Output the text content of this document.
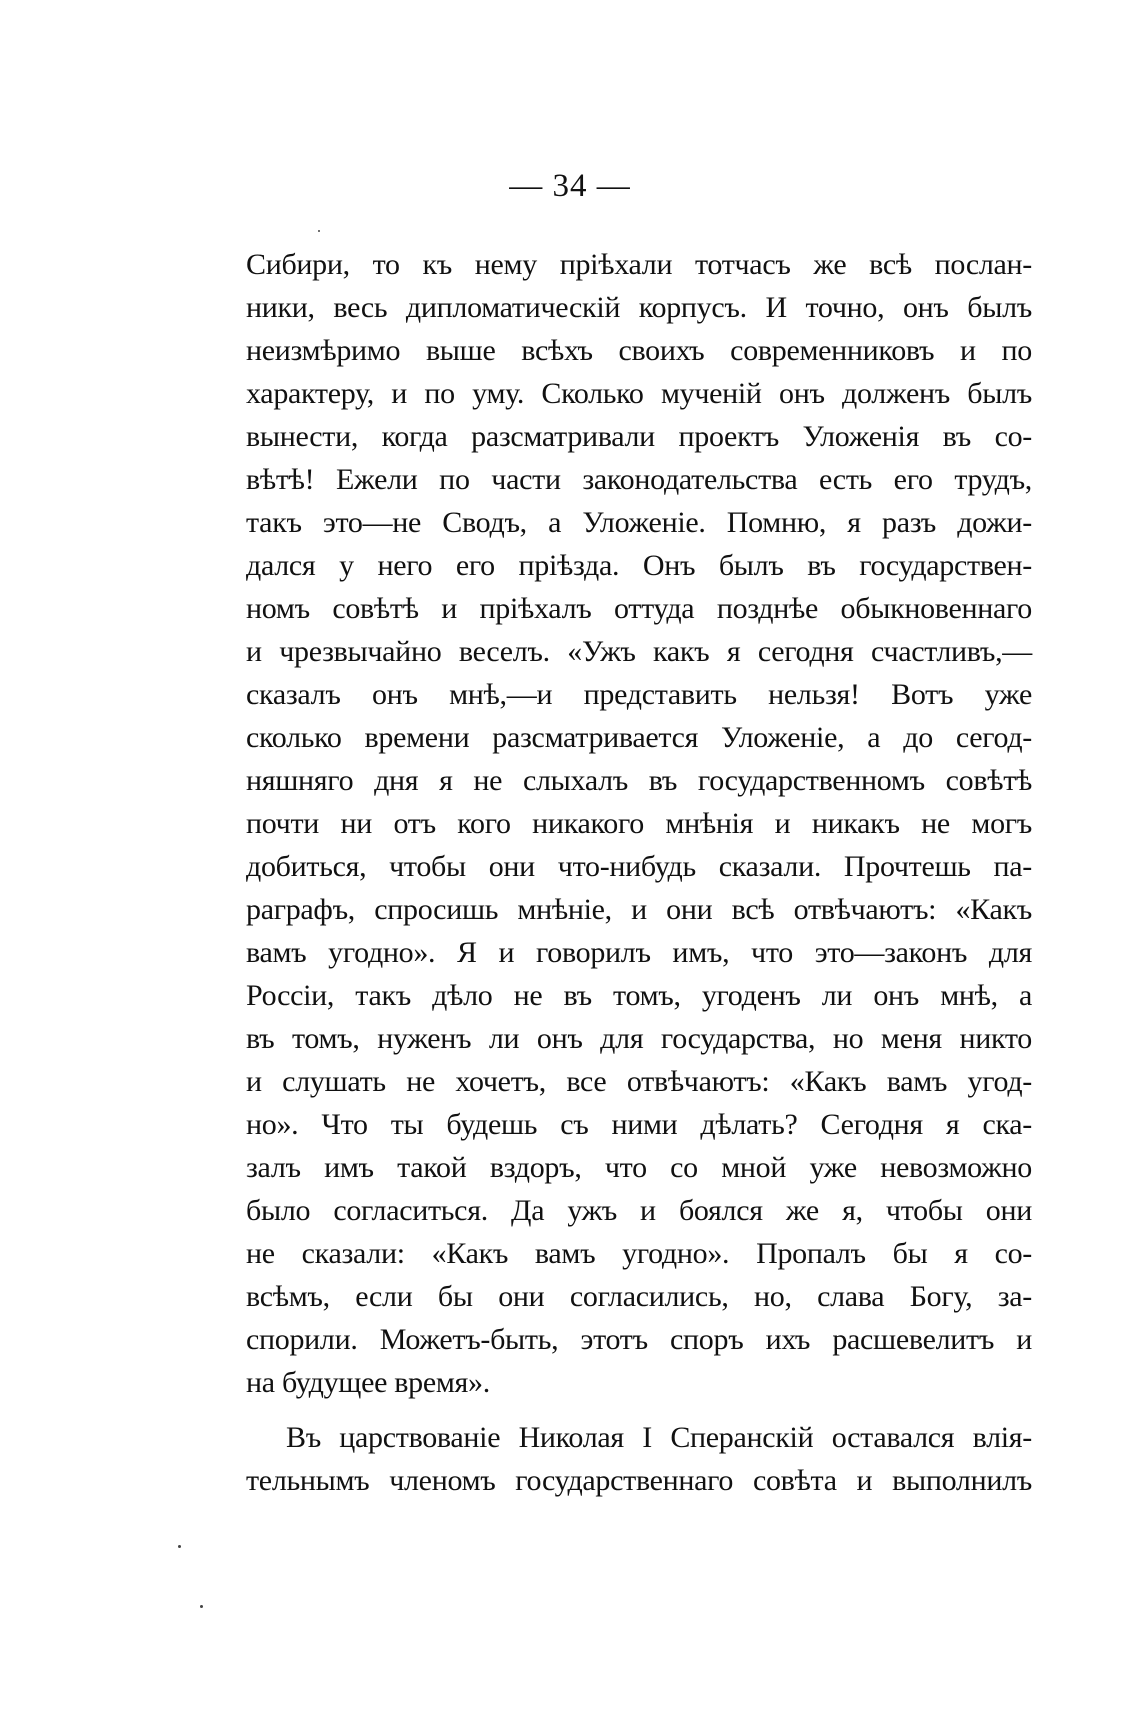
— 34 —
Сибири, то къ нему пріѣхали тотчасъ же всѣ послан-
ники, весь дипломатическій корпусъ. И точно, онъ былъ
неизмѣримо выше всѣхъ своихъ современниковъ и по
характеру, и по уму. Сколько мученій онъ долженъ былъ
вынести, когда разсматривали проектъ Уложенія въ со-
вѣтѣ! Ежели по части законодательства есть его трудъ,
такъ это—не Сводъ, а Уложеніе. Помню, я разъ дожи-
дался у него его пріѣзда. Онъ былъ въ государствен-
номъ совѣтѣ и пріѣхалъ оттуда позднѣе обыкновеннаго
и чрезвычайно веселъ. «Ужъ какъ я сегодня счастливъ,—
сказалъ онъ мнѣ,—и представить нельзя! Вотъ уже
сколько времени разсматривается Уложеніе, а до сегод-
няшняго дня я не слыхалъ въ государственномъ совѣтѣ
почти ни отъ кого никакого мнѣнія и никакъ не могъ
добиться, чтобы они что-нибудь сказали. Прочтешь па-
раграфъ, спросишь мнѣніе, и они всѣ отвѣчаютъ: «Какъ
вамъ угодно». Я и говорилъ имъ, что это—законъ для
Россіи, такъ дѣло не въ томъ, угоденъ ли онъ мнѣ, а
въ томъ, нуженъ ли онъ для государства, но меня никто
и слушать не хочетъ, все отвѣчаютъ: «Какъ вамъ угод-
но». Что ты будешь съ ними дѣлать? Сегодня я ска-
залъ имъ такой вздоръ, что со мной уже невозможно
было согласиться. Да ужъ и боялся же я, чтобы они
не сказали: «Какъ вамъ угодно». Пропалъ бы я со-
всѣмъ, если бы они согласились, но, слава Богу, за-
спорили. Можетъ-быть, этотъ споръ ихъ расшевелитъ и
на будущее время».
Въ царствованіе Николая I Сперанскій оставался влія-
тельнымъ членомъ государственнаго совѣта и выполнилъ
